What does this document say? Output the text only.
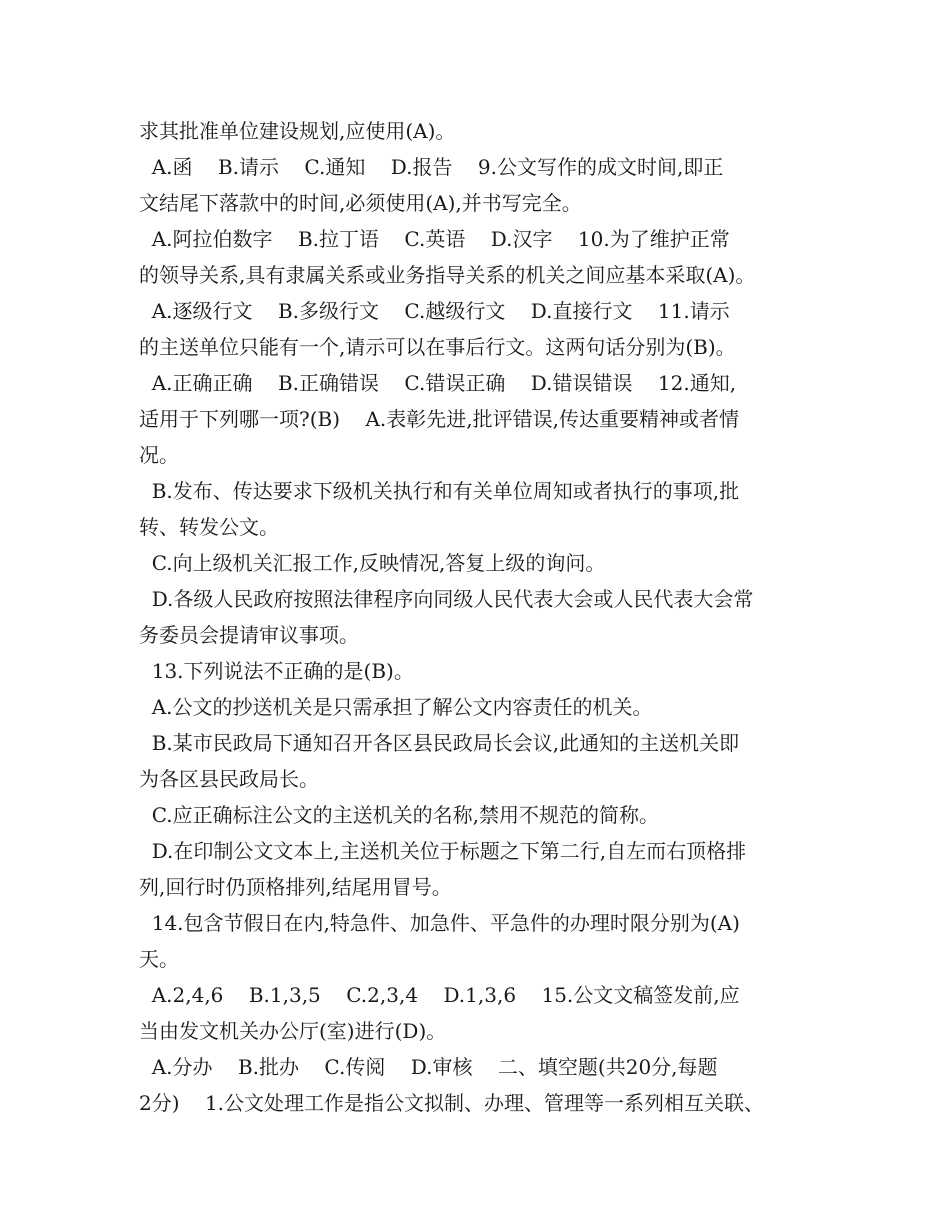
求其批准单位建设规划,应使用(A)。
A.函    B.请示    C.通知    D.报告    9.公文写作的成文时间,即正
文结尾下落款中的时间,必须使用(A),并书写完全。
A.阿拉伯数字    B.拉丁语    C.英语    D.汉字    10.为了维护正常
的领导关系,具有隶属关系或业务指导关系的机关之间应基本采取(A)。
A.逐级行文    B.多级行文    C.越级行文    D.直接行文    11.请示
的主送单位只能有一个,请示可以在事后行文。这两句话分别为(B)。
A.正确正确    B.正确错误    C.错误正确    D.错误错误    12.通知,
适用于下列哪一项?(B)    A.表彰先进,批评错误,传达重要精神或者情
况。
B.发布、传达要求下级机关执行和有关单位周知或者执行的事项,批
转、转发公文。
C.向上级机关汇报工作,反映情况,答复上级的询问。
D.各级人民政府按照法律程序向同级人民代表大会或人民代表大会常
务委员会提请审议事项。
13.下列说法不正确的是(B)。
A.公文的抄送机关是只需承担了解公文内容责任的机关。
B.某市民政局下通知召开各区县民政局长会议,此通知的主送机关即
为各区县民政局长。
C.应正确标注公文的主送机关的名称,禁用不规范的简称。
D.在印制公文文本上,主送机关位于标题之下第二行,自左而右顶格排
列,回行时仍顶格排列,结尾用冒号。
14.包含节假日在内,特急件、加急件、平急件的办理时限分别为(A)
天。
A.2,4,6    B.1,3,5    C.2,3,4    D.1,3,6    15.公文文稿签发前,应
当由发文机关办公厅(室)进行(D)。
A.分办    B.批办    C.传阅    D.审核    二、填空题(共20分,每题
2分)    1.公文处理工作是指公文拟制、办理、管理等一系列相互关联、
